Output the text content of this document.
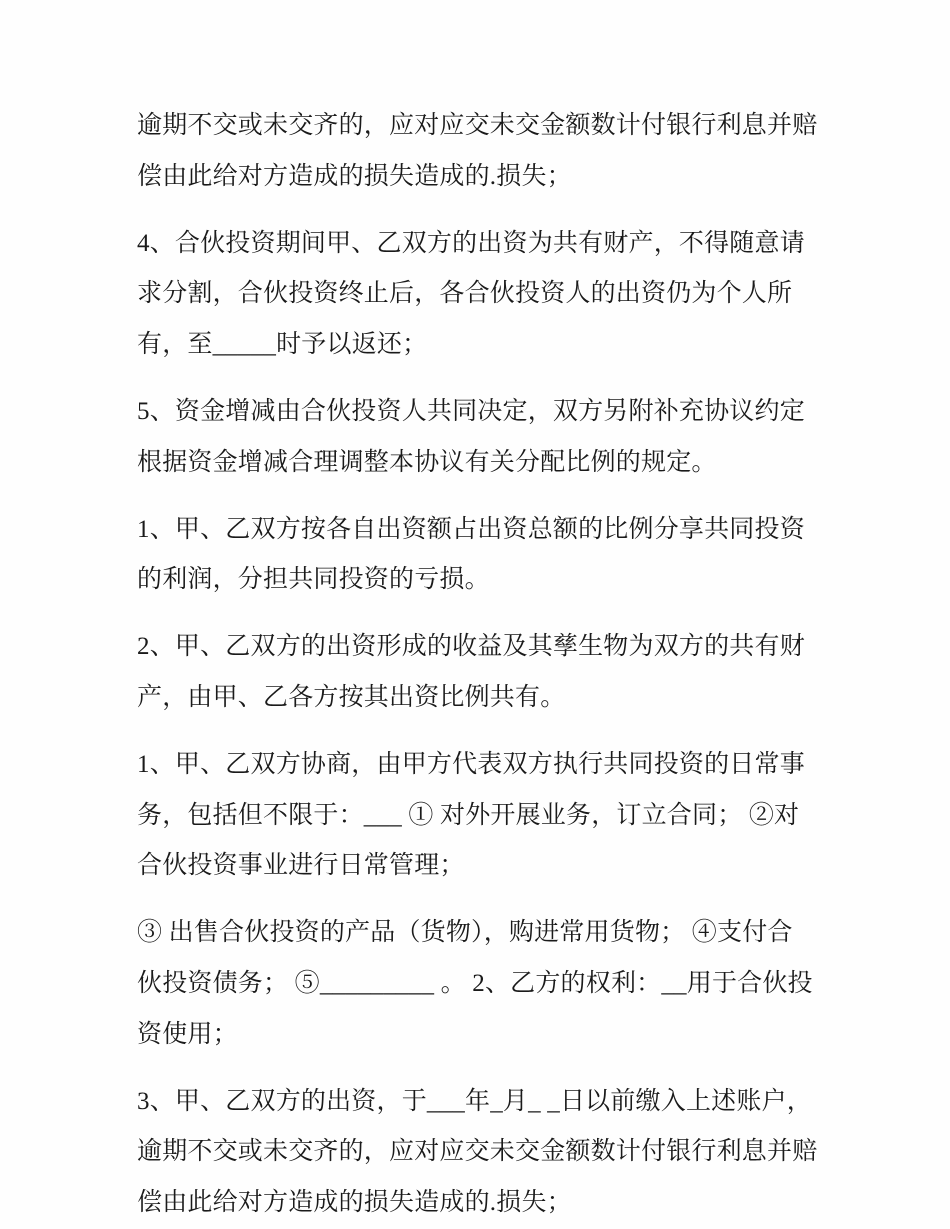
逾期不交或未交齐的，应对应交未交金额数计付银行利息并赔
偿由此给对方造成的损失造成的.损失；

4、合伙投资期间甲、乙双方的出资为共有财产，不得随意请
求分割，合伙投资终止后，各合伙投资人的出资仍为个人所
有，至_____时予以返还；

5、资金增减由合伙投资人共同决定，双方另附补充协议约定
根据资金增减合理调整本协议有关分配比例的规定。

1、甲、乙双方按各自出资额占出资总额的比例分享共同投资
的利润，分担共同投资的亏损。

2、甲、乙双方的出资形成的收益及其孳生物为双方的共有财
产，由甲、乙各方按其出资比例共有。

1、甲、乙双方协商，由甲方代表双方执行共同投资的日常事
务，包括但不限于：___ ① 对外开展业务，订立合同； ②对
合伙投资事业进行日常管理；

③ 出售合伙投资的产品（货物），购进常用货物； ④支付合
伙投资债务； ⑤_________ 。 2、乙方的权利：__用于合伙投
资使用；

3、甲、乙双方的出资，于___年_月_ _日以前缴入上述账户，
逾期不交或未交齐的，应对应交未交金额数计付银行利息并赔
偿由此给对方造成的损失造成的.损失；
